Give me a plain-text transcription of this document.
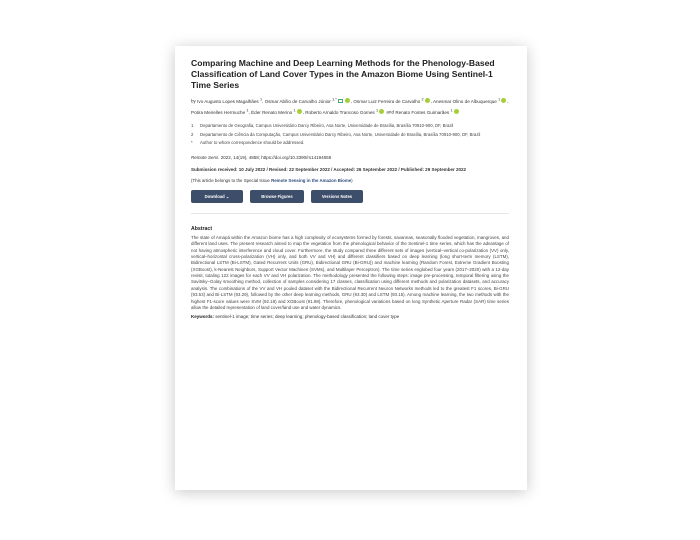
Comparing Machine and Deep Learning Methods for the Phenology-Based Classification of Land Cover Types in the Amazon Biome Using Sentinel-1 Time Series
by Ivo Augusto Lopes Magalhães $^1$, Osmar Abílio de Carvalho Júnior $^{1,*}$	, Osmar Luiz Ferreira de Carvalho $^2$ , Anesmar Olino de Albuquerque $^1$ , Potira Meirelles Hermuche $^1$, Éder Renato Merino $^1$ , Roberto Arnaldo Trancoso Gomes $^1$ and Renato Fontes Guimarães $^1$
1	Departamento de Geografia, Campus Universitário Darcy Ribeiro, Asa Norte, Universidade de Brasília, Brasília 70910-900, DF, Brazil
2	Departamento de Ciência da Computação, Campus Universitário Darcy Ribeiro, Asa Norte, Universidade de Brasília, Brasília 70910-900, DF, Brazil
*	Author to whom correspondence should be addressed.
Remote Sens. 2022, 14(19), 4858; https://doi.org/10.3390/rs14194858
Submission received: 10 July 2022 / Revised: 22 September 2022 / Accepted: 26 September 2022 / Published: 29 September 2022
(This article belongs to the Special Issue Remote Sensing in the Amazon Biome)
Download ⌄	Browse Figures	Versions Notes
Abstract
The state of Amapá within the Amazon biome has a high complexity of ecosystems formed by forests, savannas, seasonally flooded vegetation, mangroves, and different land uses. The present research aimed to map the vegetation from the phenological behavior of the Sentinel-1 time series, which has the advantage of not having atmospheric interference and cloud cover. Furthermore, the study compared three different sets of images (vertical–vertical co-polarization (VV) only, vertical–horizontal cross-polarization (VH) only, and both VV and VH) and different classifiers based on deep learning (long short-term memory (LSTM), Bidirectional LSTM (Bi-LSTM), Gated Recurrent Units (GRU), Bidirectional GRU (Bi-GRU)) and machine learning (Random Forest, Extreme Gradient Boosting (XGBoost), k-Nearest Neighbors, Support Vector Machines (SVMs), and Multilayer Perceptron). The time series englobed four years (2017–2020) with a 12-day revisit, totaling 122 images for each VV and VH polarization. The methodology presented the following steps: image pre-processing, temporal filtering using the Savitsky–Golay smoothing method, collection of samples considering 17 classes, classification using different methods and polarization datasets, and accuracy analysis. The combinations of the VV and VH pooled dataset with the Bidirectional Recurrent Neuron Networks methods led to the greatest F1 scores, Bi-GRU (93.53) and Bi-LSTM (93.29), followed by the other deep learning methods, GRU (93.30) and LSTM (93.15). Among machine learning, the two methods with the highest F1-score values were SVM (92.18) and XGBoost (91.98). Therefore, phenological variations based on long Synthetic Aperture Radar (SAR) time series allow the detailed representation of land cover/land use and water dynamics.
Keywords: sentinel-1 image; time series; deep learning; phenology-based classification; land cover type
